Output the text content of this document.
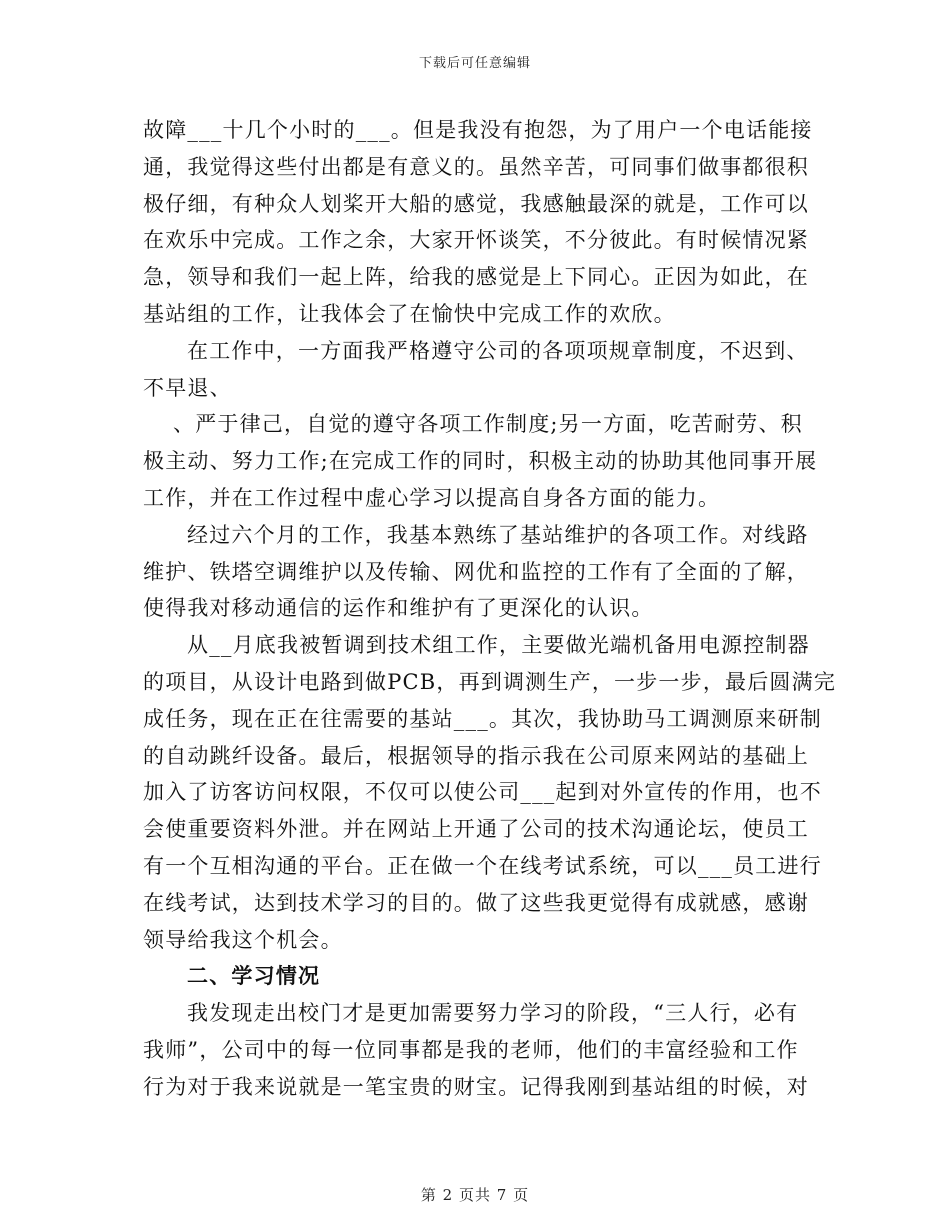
下载后可任意编辑
故障___十几个小时的___。但是我没有抱怨，为了用户一个电话能接
通，我觉得这些付出都是有意义的。虽然辛苦，可同事们做事都很积
极仔细，有种众人划桨开大船的感觉，我感触最深的就是，工作可以
在欢乐中完成。工作之余，大家开怀谈笑，不分彼此。有时候情况紧
急，领导和我们一起上阵，给我的感觉是上下同心。正因为如此，在
基站组的工作，让我体会了在愉快中完成工作的欢欣。
在工作中，一方面我严格遵守公司的各项项规章制度，不迟到、
不早退、
、严于律己，自觉的遵守各项工作制度;另一方面，吃苦耐劳、积
极主动、努力工作;在完成工作的同时，积极主动的协助其他同事开展
工作，并在工作过程中虚心学习以提高自身各方面的能力。
经过六个月的工作，我基本熟练了基站维护的各项工作。对线路
维护、铁塔空调维护以及传输、网优和监控的工作有了全面的了解，
使得我对移动通信的运作和维护有了更深化的认识。
从__月底我被暂调到技术组工作，主要做光端机备用电源控制器
的项目，从设计电路到做PCB，再到调测生产，一步一步，最后圆满完
成任务，现在正在往需要的基站___。其次，我协助马工调测原来研制
的自动跳纤设备。最后，根据领导的指示我在公司原来网站的基础上
加入了访客访问权限，不仅可以使公司___起到对外宣传的作用，也不
会使重要资料外泄。并在网站上开通了公司的技术沟通论坛，使员工
有一个互相沟通的平台。正在做一个在线考试系统，可以___员工进行
在线考试，达到技术学习的目的。做了这些我更觉得有成就感，感谢
领导给我这个机会。
二、学习情况
我发现走出校门才是更加需要努力学习的阶段，“三人行，必有
我师”，公司中的每一位同事都是我的老师，他们的丰富经验和工作
行为对于我来说就是一笔宝贵的财宝。记得我刚到基站组的时候，对
第 2 页共 7 页
